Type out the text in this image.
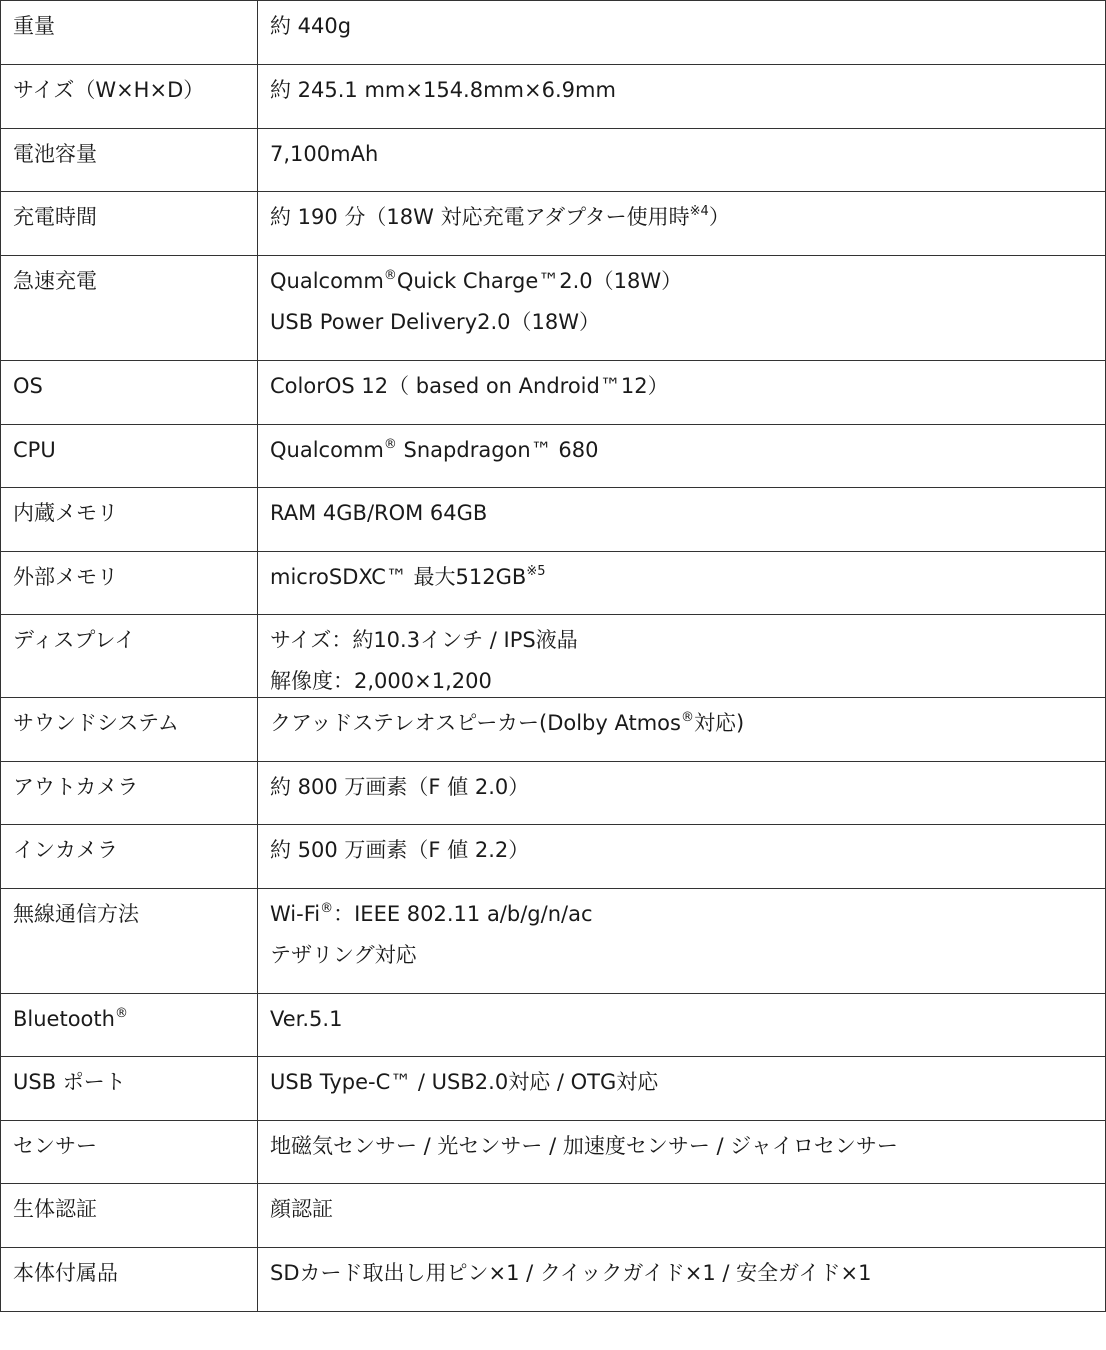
重量	約 440g

サイズ（W×H×D）	約 245.1 mm×154.8mm×6.9mm

電池容量	7,100mAh

充電時間	約 190 分（18W 対応充電アダプター使用時$^{※4}$）

急速充電	Qualcomm®Quick Charge™2.0（18W）
USB Power Delivery2.0（18W）

OS	ColorOS 12（ based on Android™12）

CPU	Qualcomm® Snapdragon™ 680

内蔵メモリ	RAM 4GB/ROM 64GB

外部メモリ	microSDXC™ 最大512GB$^{※5}$

ディスプレイ	サイズ：約10.3インチ / IPS液晶
解像度：2,000×1,200

サウンドシステム	クアッドステレオスピーカー(Dolby Atmos®対応)

アウトカメラ	約 800 万画素（F 値 2.0）

インカメラ	約 500 万画素（F 値 2.2）

無線通信方法	Wi-Fi®：IEEE 802.11 a/b/g/n/ac
テザリング対応

Bluetooth®	Ver.5.1

USB ポート	USB Type-C™ / USB2.0対応 / OTG対応

センサー	地磁気センサー / 光センサー / 加速度センサー / ジャイロセンサー

生体認証	顔認証

本体付属品	SDカード取出し用ピン×1 / クイックガイド×1 / 安全ガイド×1
